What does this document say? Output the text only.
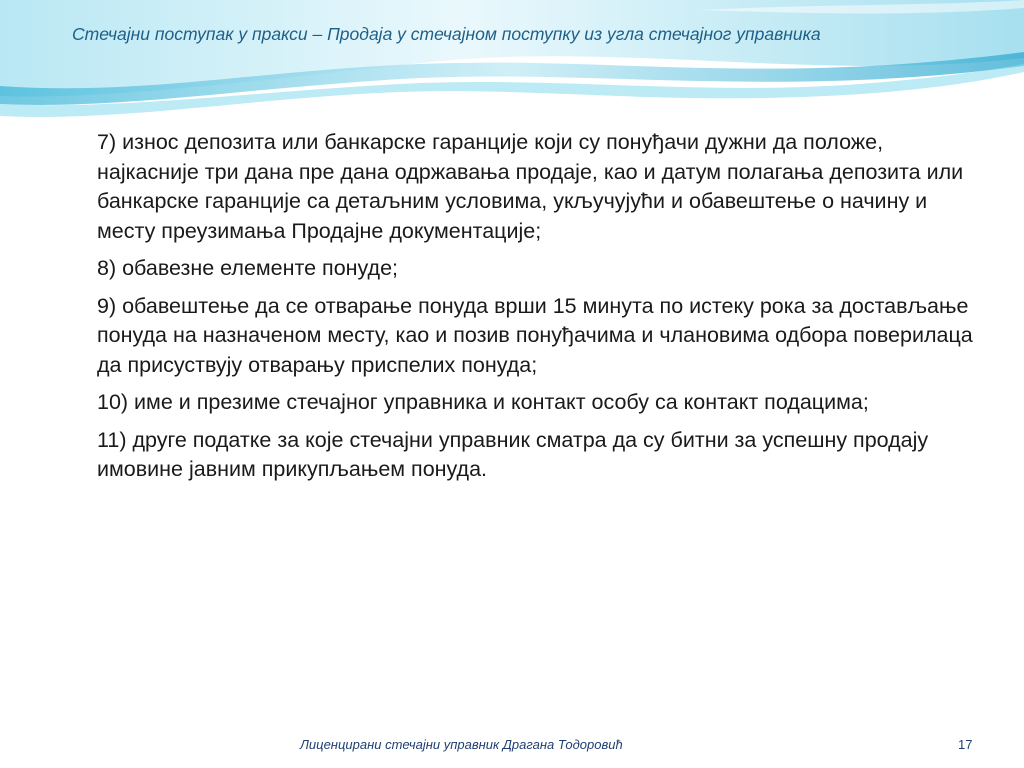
Стечајни поступак у пракси – Продаја у стечајном поступку из угла стечајног управника

7) износ депозита или банкарске гаранције који су понуђачи дужни да положе, најкасније три дана пре дана одржавања продаје, као и датум полагања депозита или банкарске гаранције са детаљним условима, укључујући и обавештење о начину и месту преузимања Продајне документације;

8) обавезне елементе понуде;

9) обавештење да се отварање понуда врши 15 минута по истеку рока за достављање понуда на назначеном месту, као и позив понуђачима и члановима одбора поверилаца да присуствују отварању приспелих понуда;

10) име и презиме стечајног управника и контакт особу са контакт подацима;

11) друге податке за које стечајни управник сматра да су битни за успешну продају имовине јавним прикупљањем понуда.

Лиценцирани стечајни управник Драгана Тодоровић	17
